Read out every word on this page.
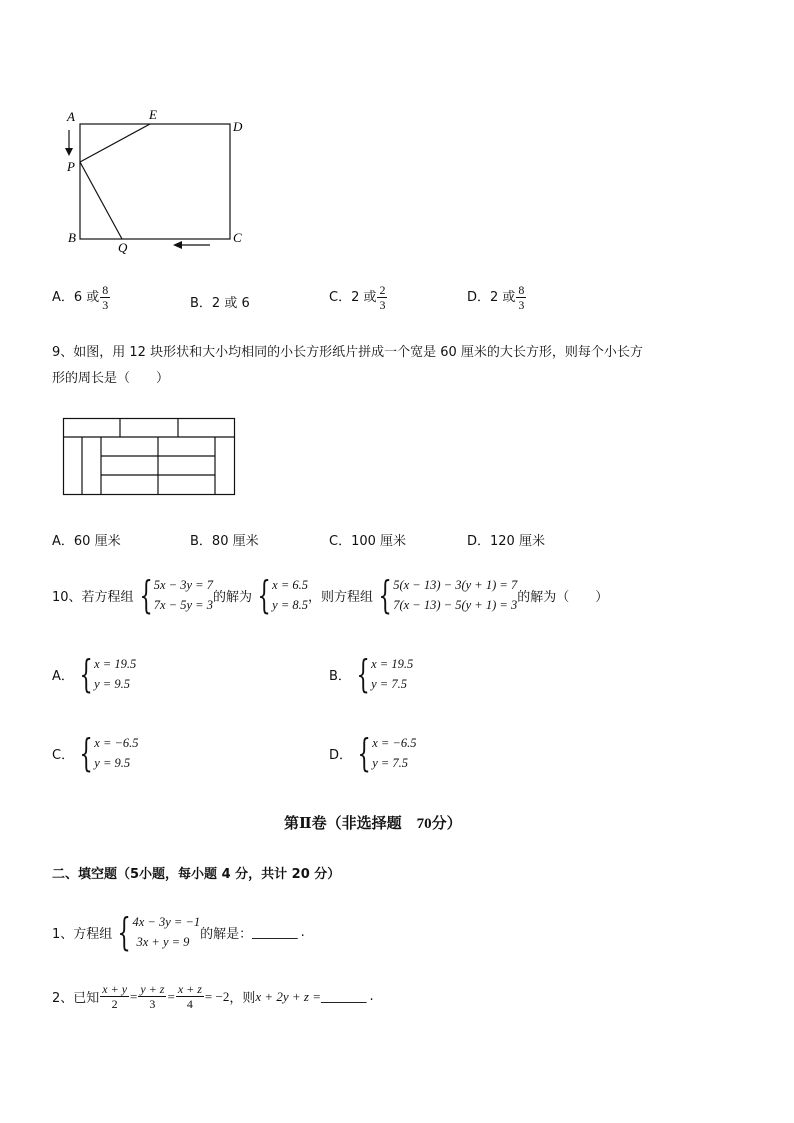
A	E
D
P
B
Q
C
A．6 或 $\frac{8}{3}$	B．2 或 6	C．2 或 $\frac{2}{3}$	D．2 或 $\frac{8}{3}$
9、如图，用 12 块形状和大小均相同的小长方形纸片拼成一个宽是 60 厘米的大长方形，则每个小长方
形的周长是（　　）
A．60 厘米	B．80 厘米	C．100 厘米	D．120 厘米
10、若方程组 { 5x − 3y = 7
7x − 5y = 3
的解为 { x = 6.5
y = 8.5
，则方程组 { 5(x − 13) − 3(y + 1) = 7
7(x − 13) − 5(y + 1) = 3
的解为（　　）
A． { x = 19.5
y = 9.5
B． { x = 19.5
y = 7.5
C． { x = −6.5
y = 9.5
D． { x = −6.5
y = 7.5
第Ⅱ卷（非选择题　70分）
二、填空题（5小题，每小题 4 分，共计 20 分）
1、方程组 { 4x − 3y = −1
3x + y = 9
的解是： _______ .
2、已知 $\frac{x + y}{2} = \frac{y + z}{3} = \frac{x + z}{4} = -2$ ，则 x + 2y + z = _______ .
